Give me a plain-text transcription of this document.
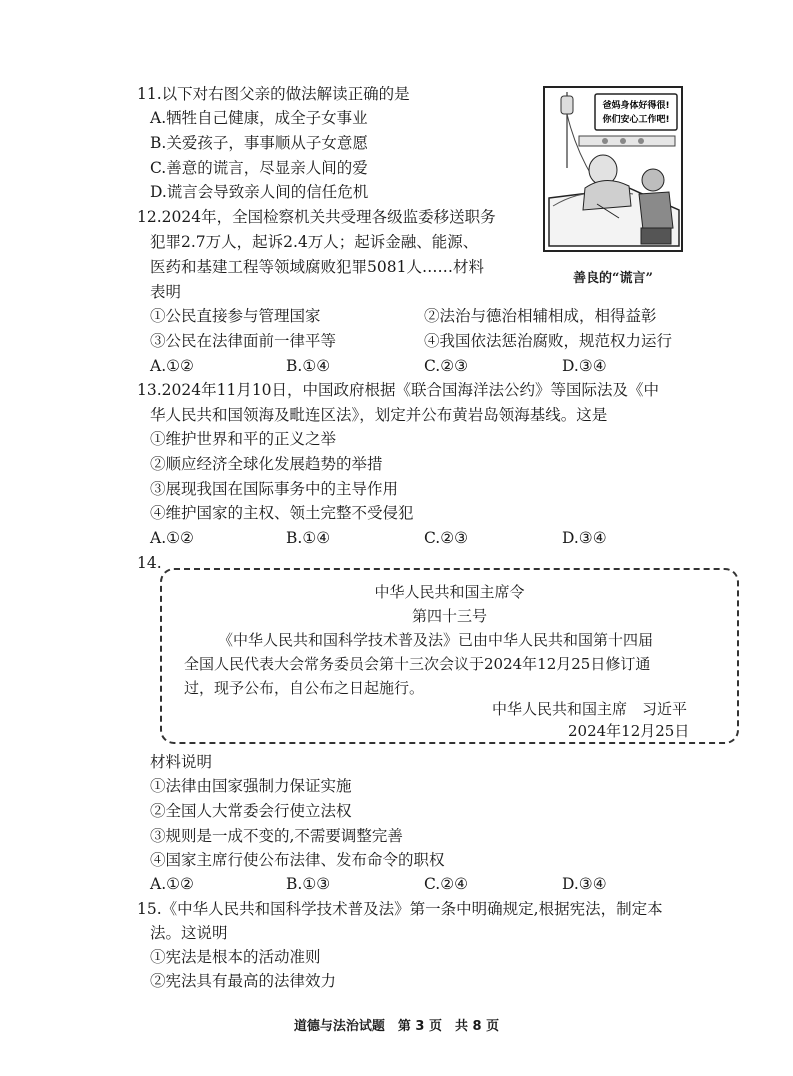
11.以下对右图父亲的做法解读正确的是
A.牺牲自己健康，成全子女事业
B.关爱孩子，事事顺从子女意愿
C.善意的谎言，尽显亲人间的爱
D.谎言会导致亲人间的信任危机
爸妈身体好得很!
你们安心工作吧!
善良的“谎言”
12.2024年，全国检察机关共受理各级监委移送职务
犯罪2.7万人，起诉2.4万人；起诉金融、能源、
医药和基建工程等领域腐败犯罪5081人……材料
表明
①公民直接参与管理国家	②法治与德治相辅相成，相得益彰
③公民在法律面前一律平等	④我国依法惩治腐败，规范权力运行
A.①②	B.①④	C.②③	D.③④
13.2024年11月10日，中国政府根据《联合国海洋法公约》等国际法及《中
华人民共和国领海及毗连区法》，划定并公布黄岩岛领海基线。这是
①维护世界和平的正义之举
②顺应经济全球化发展趋势的举措
③展现我国在国际事务中的主导作用
④维护国家的主权、领土完整不受侵犯
A.①②	B.①④	C.②③	D.③④
14.
中华人民共和国主席令
第四十三号
《中华人民共和国科学技术普及法》已由中华人民共和国第十四届
全国人民代表大会常务委员会第十三次会议于2024年12月25日修订通
过，现予公布，自公布之日起施行。
中华人民共和国主席　习近平
2024年12月25日
材料说明
①法律由国家强制力保证实施
②全国人大常委会行使立法权
③规则是一成不变的,不需要调整完善
④国家主席行使公布法律、发布命令的职权
A.①②	B.①③	C.②④	D.③④
15.《中华人民共和国科学技术普及法》第一条中明确规定,根据宪法，制定本
法。这说明
①宪法是根本的活动准则
②宪法具有最高的法律效力
道德与法治试题　第 3 页　共 8 页
